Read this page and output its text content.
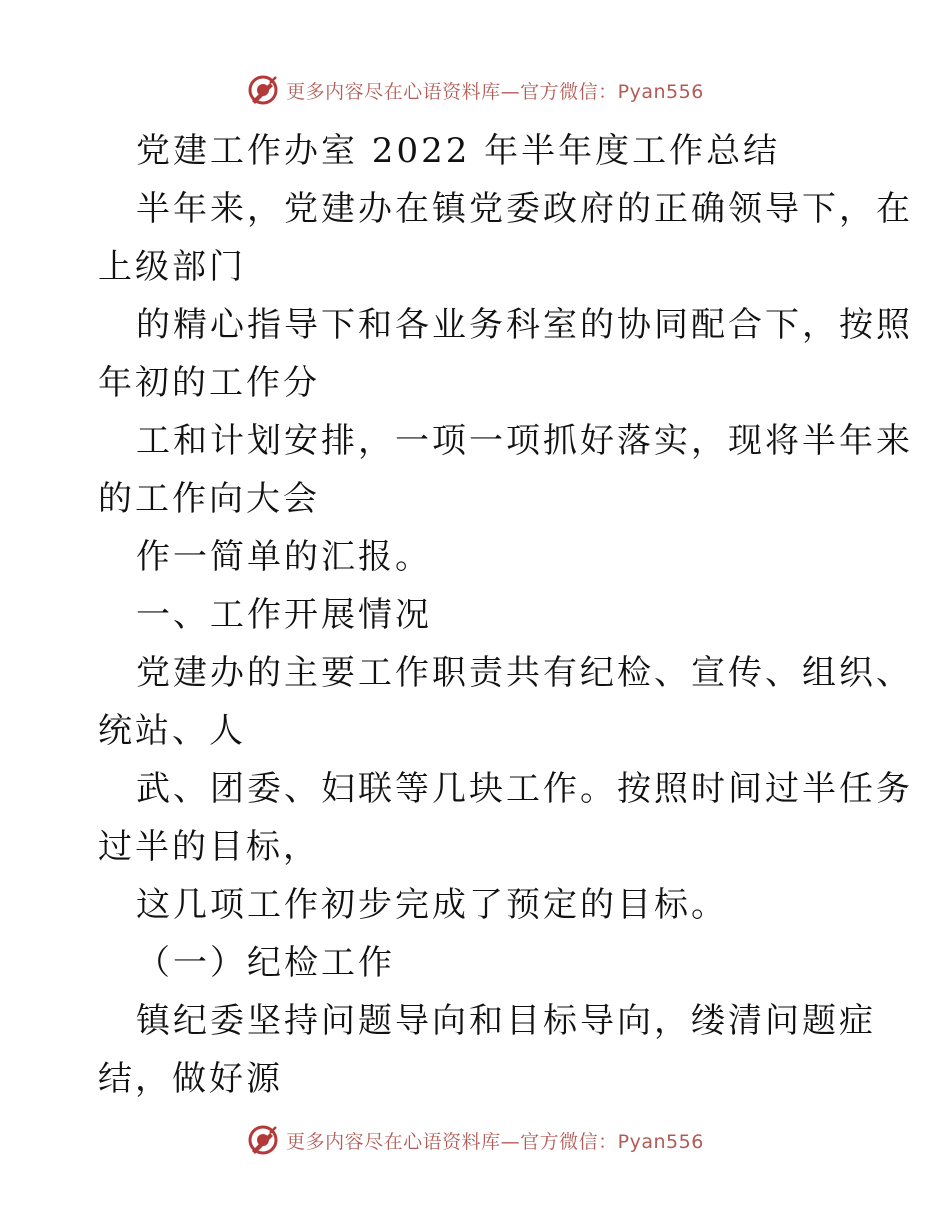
更多内容尽在心语资料库—官方微信：Pyan556
党建工作办室 2022 年半年度工作总结
半年来，党建办在镇党委政府的正确领导下，在
上级部门
的精心指导下和各业务科室的协同配合下，按照
年初的工作分
工和计划安排，一项一项抓好落实，现将半年来
的工作向大会
作一简单的汇报。
一、工作开展情况
党建办的主要工作职责共有纪检、宣传、组织、
统站、人
武、团委、妇联等几块工作。按照时间过半任务
过半的目标，
这几项工作初步完成了预定的目标。
（一）纪检工作
镇纪委坚持问题导向和目标导向，缕清问题症
结，做好源
更多内容尽在心语资料库—官方微信：Pyan556
